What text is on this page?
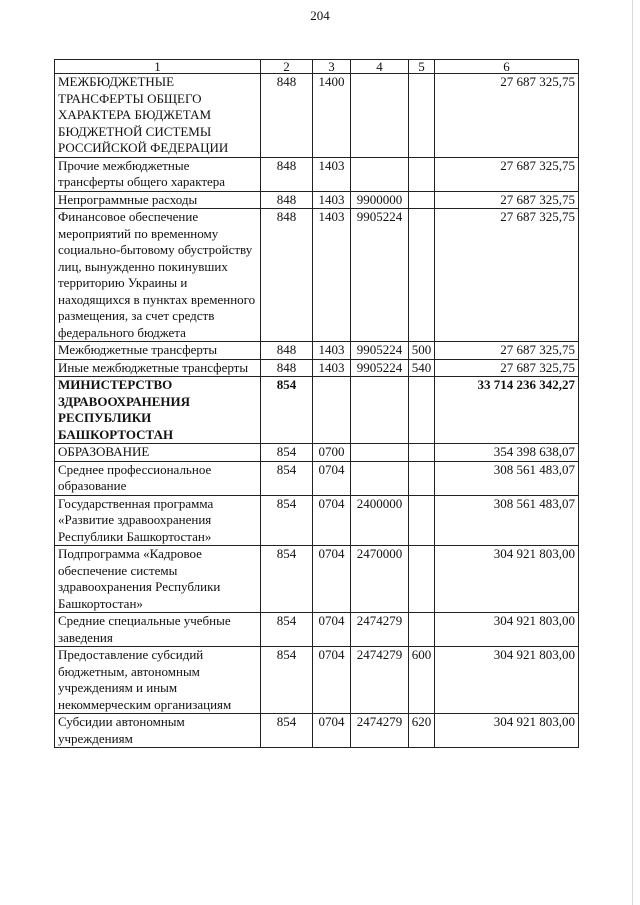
204
1	2	3	4	5	6
МЕЖБЮДЖЕТНЫЕ ТРАНСФЕРТЫ ОБЩЕГО ХАРАКТЕРА БЮДЖЕТАМ БЮДЖЕТНОЙ СИСТЕМЫ РОССИЙСКОЙ ФЕДЕРАЦИИ	848	1400			27 687 325,75
Прочие межбюджетные трансферты общего характера	848	1403			27 687 325,75
Непрограммные расходы	848	1403	9900000		27 687 325,75
Финансовое обеспечение мероприятий по временному социально-бытовому обустройству лиц, вынужденно покинувших территорию Украины и находящихся в пунктах временного размещения, за счет средств федерального бюджета	848	1403	9905224		27 687 325,75
Межбюджетные трансферты	848	1403	9905224	500	27 687 325,75
Иные межбюджетные трансферты	848	1403	9905224	540	27 687 325,75
МИНИСТЕРСТВО ЗДРАВООХРАНЕНИЯ РЕСПУБЛИКИ БАШКОРТОСТАН	854				33 714 236 342,27
ОБРАЗОВАНИЕ	854	0700			354 398 638,07
Среднее профессиональное образование	854	0704			308 561 483,07
Государственная программа «Развитие здравоохранения Республики Башкортостан»	854	0704	2400000		308 561 483,07
Подпрограмма «Кадровое обеспечение системы здравоохранения Республики Башкортостан»	854	0704	2470000		304 921 803,00
Средние специальные учебные заведения	854	0704	2474279		304 921 803,00
Предоставление субсидий бюджетным, автономным учреждениям и иным некоммерческим организациям	854	0704	2474279	600	304 921 803,00
Субсидии автономным учреждениям	854	0704	2474279	620	304 921 803,00
